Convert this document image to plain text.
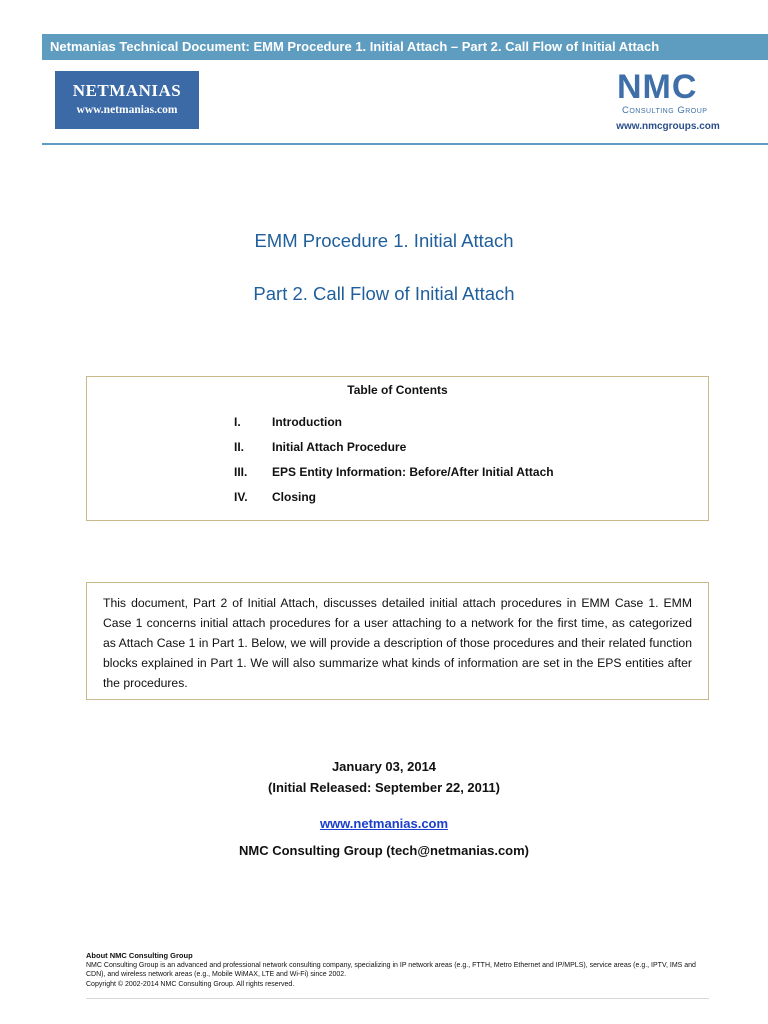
Netmanias Technical Document: EMM Procedure 1. Initial Attach – Part 2. Call Flow of Initial Attach
NETMANIAS
www.netmanias.com
NMC
Consulting Group
www.nmcgroups.com
EMM Procedure 1. Initial Attach
Part 2. Call Flow of Initial Attach
Table of Contents
I.	Introduction
II.	Initial Attach Procedure
III.	EPS Entity Information: Before/After Initial Attach
IV.	Closing
This document, Part 2 of Initial Attach, discusses detailed initial attach procedures in EMM Case 1. EMM Case 1 concerns initial attach procedures for a user attaching to a network for the first time, as categorized as Attach Case 1 in Part 1. Below, we will provide a description of those procedures and their related function blocks explained in Part 1. We will also summarize what kinds of information are set in the EPS entities after the procedures.
January 03, 2014
(Initial Released: September 22, 2011)
www.netmanias.com
NMC Consulting Group (tech@netmanias.com)
About NMC Consulting Group
NMC Consulting Group is an advanced and professional network consulting company, specializing in IP network areas (e.g., FTTH, Metro Ethernet and IP/MPLS), service areas (e.g., IPTV, IMS and CDN), and wireless network areas (e.g., Mobile WiMAX, LTE and Wi-Fi) since 2002.
Copyright © 2002-2014 NMC Consulting Group. All rights reserved.
